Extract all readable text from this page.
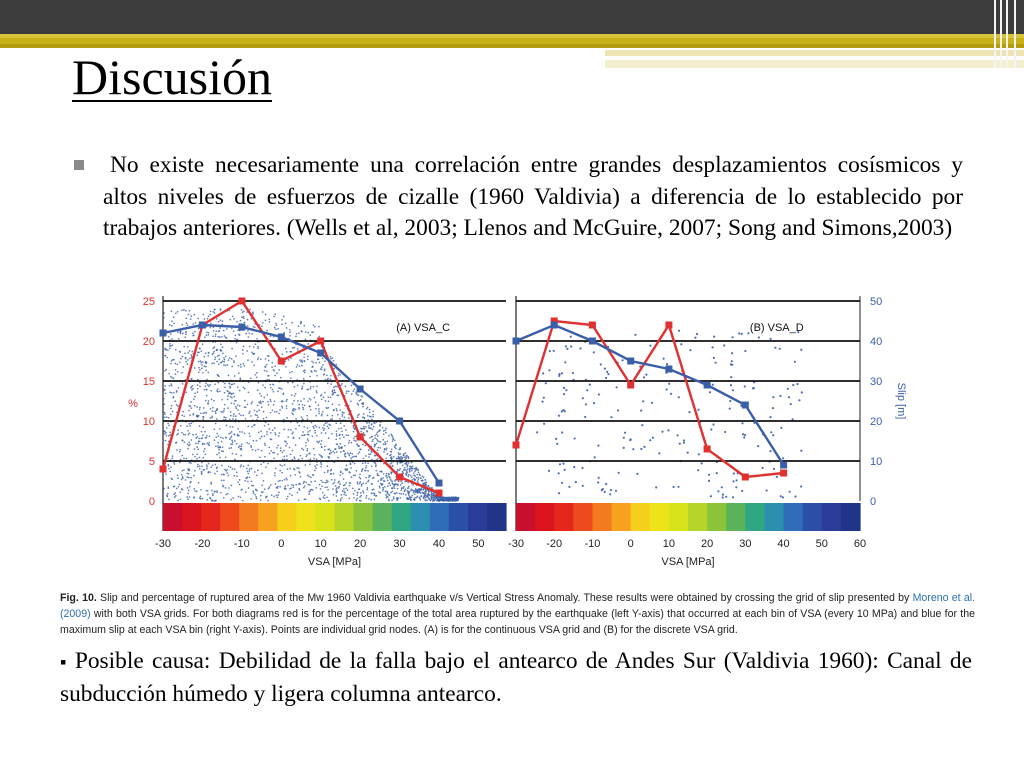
Discusión
No existe necesariamente una correlación entre grandes desplazamientos cosísmicos y altos niveles de esfuerzos de cizalle (1960 Valdivia) a diferencia de lo establecido por trabajos anteriores. (Wells et al, 2003; Llenos and McGuire, 2007; Song and Simons,2003)
-30 -20 -10	0	10 20 30 40 50
VSA [MPa]
0
5
10
15
20
25
%
(A) VSA_C
-30 -20 -10 0	10 20 30 40 50 60
VSA [MPa]
0
10
20
30
40
50
Slip [m]
(B) VSA_D
Fig. 10. Slip and percentage of ruptured area of the Mw 1960 Valdivia earthquake v/s Vertical Stress Anomaly. These results were obtained by crossing the grid of slip presented by Moreno et al. (2009) with both VSA grids. For both diagrams red is for the percentage of the total area ruptured by the earthquake (left Y-axis) that occurred at each bin of VSA (every 10 MPa) and blue for the maximum slip at each VSA bin (right Y-axis). Points are individual grid nodes. (A) is for the continuous VSA grid and (B) for the discrete VSA grid.
▪ Posible causa: Debilidad de la falla bajo el antearco de Andes Sur (Valdivia 1960): Canal de subducción húmedo y ligera columna antearco.
